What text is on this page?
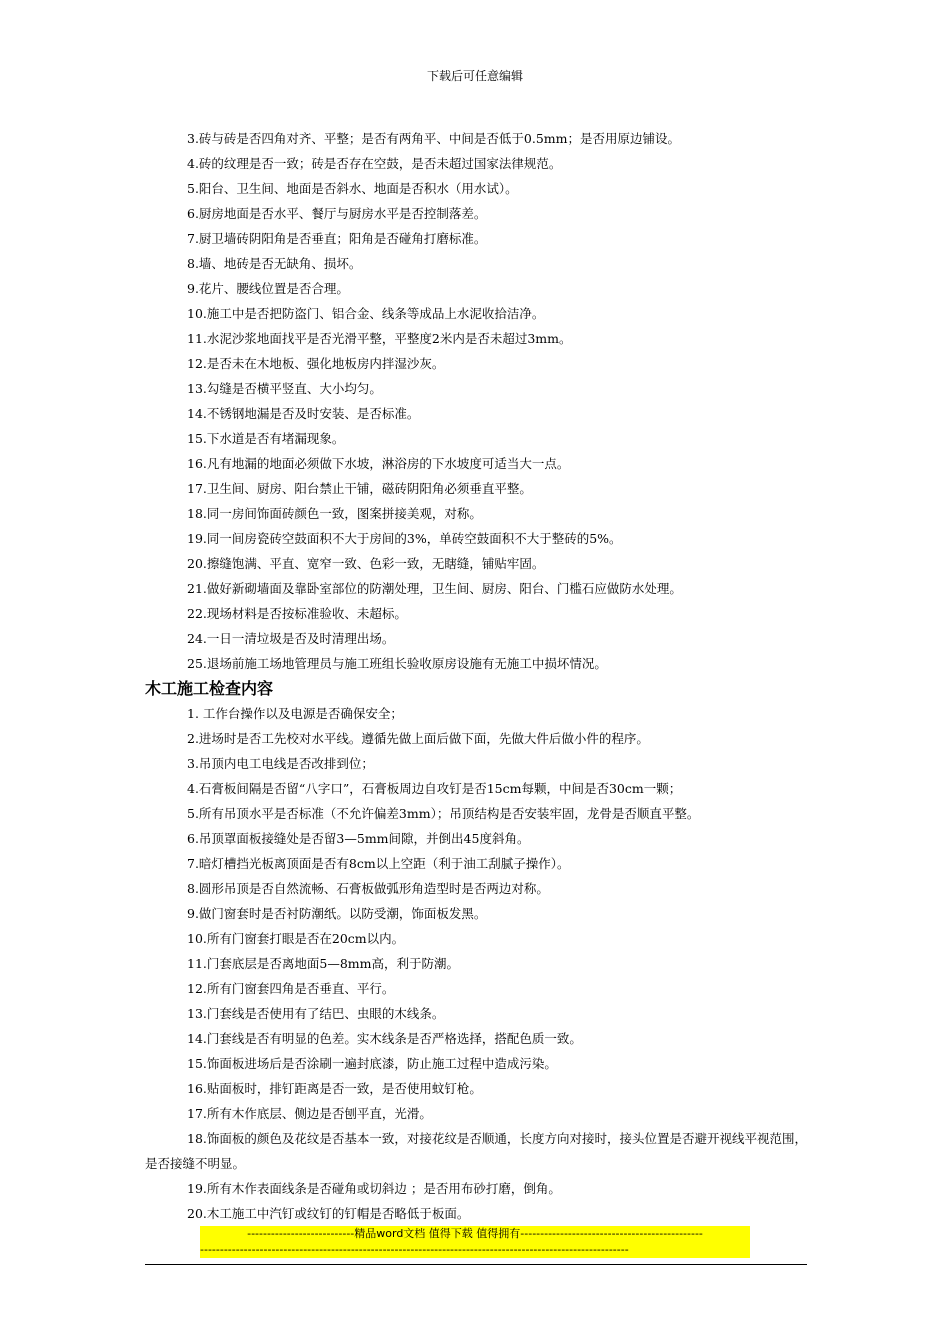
下载后可任意编辑
3.砖与砖是否四角对齐、平整；是否有两角平、中间是否低于0.5mm；是否用原边铺设。
4.砖的纹理是否一致；砖是否存在空鼓，是否未超过国家法律规范。
5.阳台、卫生间、地面是否斜水、地面是否积水（用水试）。
6.厨房地面是否水平、餐厅与厨房水平是否控制落差。
7.厨卫墙砖阴阳角是否垂直；阳角是否碰角打磨标准。
8.墙、地砖是否无缺角、损坏。
9.花片、腰线位置是否合理。
10.施工中是否把防盗门、铝合金、线条等成品上水泥收拾洁净。
11.水泥沙浆地面找平是否光滑平整，平整度2米内是否未超过3mm。
12.是否未在木地板、强化地板房内拌湿沙灰。
13.勾缝是否横平竖直、大小均匀。
14.不锈钢地漏是否及时安装、是否标准。
15.下水道是否有堵漏现象。
16.凡有地漏的地面必须做下水坡，淋浴房的下水坡度可适当大一点。
17.卫生间、厨房、阳台禁止干铺，磁砖阴阳角必须垂直平整。
18.同一房间饰面砖颜色一致，图案拼接美观，对称。
19.同一间房瓷砖空鼓面积不大于房间的3%，单砖空鼓面积不大于整砖的5%。
20.擦缝饱满、平直、宽窄一致、色彩一致，无瞎缝，铺贴牢固。
21.做好新砌墙面及靠卧室部位的防潮处理，卫生间、厨房、阳台、门槛石应做防水处理。
22.现场材料是否按标准验收、未超标。
24.一日一清垃圾是否及时清理出场。
25.退场前施工场地管理员与施工班组长验收原房设施有无施工中损坏情况。
木工施工检查内容
1. 工作台操作以及电源是否确保安全；
2.进场时是否工先校对水平线。遵循先做上面后做下面，先做大件后做小件的程序。
3.吊顶内电工电线是否改排到位；
4.石膏板间隔是否留“八字口”，石膏板周边自攻钉是否15cm每颗，中间是否30cm一颗；
5.所有吊顶水平是否标准（不允许偏差3mm）；吊顶结构是否安装牢固，龙骨是否顺直平整。
6.吊顶罩面板接缝处是否留3—5mm间隙，并倒出45度斜角。
7.暗灯槽挡光板离顶面是否有8cm以上空距（利于油工刮腻子操作）。
8.圆形吊顶是否自然流畅、石膏板做弧形角造型时是否两边对称。
9.做门窗套时是否衬防潮纸。以防受潮，饰面板发黑。
10.所有门窗套打眼是否在20cm以内。
11.门套底层是否离地面5—8mm高，利于防潮。
12.所有门窗套四角是否垂直、平行。
13.门套线是否使用有了结巴、虫眼的木线条。
14.门套线是否有明显的色差。实木线条是否严格选择，搭配色质一致。
15.饰面板进场后是否涂刷一遍封底漆，防止施工过程中造成污染。
16.贴面板时，排钉距离是否一致，是否使用蚊钉枪。
17.所有木作底层、侧边是否刨平直，光滑。
18.饰面板的颜色及花纹是否基本一致，对接花纹是否顺通，长度方向对接时，接头位置是否避开视线平视范围，是否接缝不明显。
19.所有木作表面线条是否碰角或切斜边 ；是否用布砂打磨，倒角。
20.木工施工中汽钉或纹钉的钉帽是否略低于板面。
---------------------------精品word文档 值得下载 值得拥有----------------------------------------------
------------------------------------------------------------------------------------------------------------
